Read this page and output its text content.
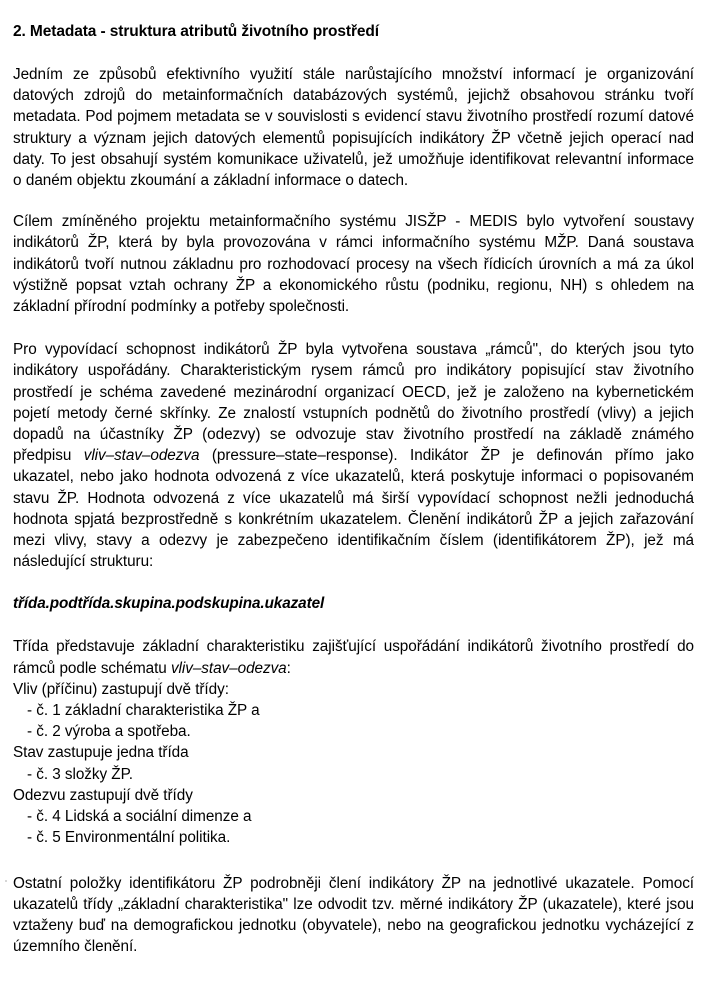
2. Metadata - struktura atributů životního prostředí

Jedním ze způsobů efektivního využití stále narůstajícího množství informací je organizování datových zdrojů do metainformačních databázových systémů, jejichž obsahovou stránku tvoří metadata. Pod pojmem metadata se v souvislosti s evidencí stavu životního prostředí rozumí datové struktury a význam jejich datových elementů popisujících indikátory ŽP včetně jejich operací nad daty. To jest obsahují systém komunikace uživatelů, jež umožňuje identifikovat relevantní informace o daném objektu zkoumání a základní informace o datech.

Cílem zmíněného projektu metainformačního systému JISŽP - MEDIS bylo vytvoření soustavy indikátorů ŽP, která by byla provozována v rámci informačního systému MŽP. Daná soustava indikátorů tvoří nutnou základnu pro rozhodovací procesy na všech řídicích úrovních a má za úkol výstižně popsat vztah ochrany ŽP a ekonomického růstu (podniku, regionu, NH) s ohledem na základní přírodní podmínky a potřeby společnosti.

Pro vypovídací schopnost indikátorů ŽP byla vytvořena soustava „rámců", do kterých jsou tyto indikátory uspořádány. Charakteristickým rysem rámců pro indikátory popisující stav životního prostředí je schéma zavedené mezinárodní organizací OECD, jež je založeno na kybernetickém pojetí metody černé skřínky. Ze znalostí vstupních podnětů do životního prostředí (vlivy) a jejich dopadů na účastníky ŽP (odezvy) se odvozuje stav životního prostředí na základě známého předpisu vliv–stav–odezva (pressure–state–response). Indikátor ŽP je definován přímo jako ukazatel, nebo jako hodnota odvozená z více ukazatelů, která poskytuje informaci o popisovaném stavu ŽP. Hodnota odvozená z více ukazatelů má širší vypovídací schopnost nežli jednoduchá hodnota spjatá bezprostředně s konkrétním ukazatelem. Členění indikátorů ŽP a jejich zařazování mezi vlivy, stavy a odezvy je zabezpečeno identifikačním číslem (identifikátorem ŽP), jež má následující strukturu:

třída.podtřída.skupina.podskupina.ukazatel

Třída představuje základní charakteristiku zajišťující uspořádání indikátorů životního prostředí do rámců podle schématu vliv–stav–odezva:

Vliv (příčinu) zastupují dvě třídy:

- č. 1 základní charakteristika ŽP a

- č. 2 výroba a spotřeba.

Stav zastupuje jedna třída

- č. 3 složky ŽP.

Odezvu zastupují dvě třídy

- č. 4 Lidská a sociální dimenze a

- č. 5 Environmentální politika.

Ostatní položky identifikátoru ŽP podrobněji člení indikátory ŽP na jednotlivé ukazatele. Pomocí ukazatelů třídy „základní charakteristika" lze odvodit tzv. měrné indikátory ŽP (ukazatele), které jsou vztaženy buď na demografickou jednotku (obyvatele), nebo na geografickou jednotku vycházející z územního členění.
